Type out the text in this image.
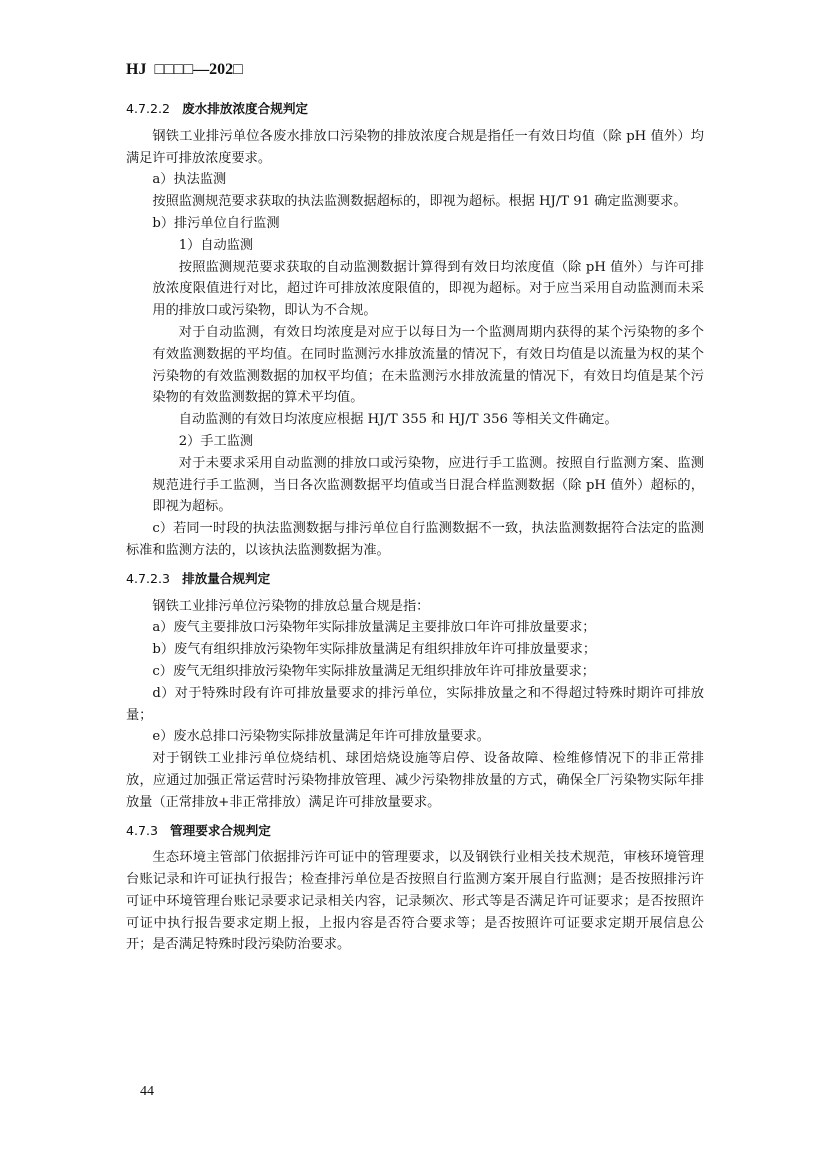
HJ □□□□—202□
4.7.2.2 废水排放浓度合规判定

钢铁工业排污单位各废水排放口污染物的排放浓度合规是指任一有效日均值（除 pH 值外）均满足许可排放浓度要求。

a）执法监测

按照监测规范要求获取的执法监测数据超标的，即视为超标。根据 HJ/T 91 确定监测要求。

b）排污单位自行监测

1）自动监测

按照监测规范要求获取的自动监测数据计算得到有效日均浓度值（除 pH 值外）与许可排放浓度限值进行对比，超过许可排放浓度限值的，即视为超标。对于应当采用自动监测而未采用的排放口或污染物，即认为不合规。

对于自动监测，有效日均浓度是对应于以每日为一个监测周期内获得的某个污染物的多个有效监测数据的平均值。在同时监测污水排放流量的情况下，有效日均值是以流量为权的某个污染物的有效监测数据的加权平均值；在未监测污水排放流量的情况下，有效日均值是某个污染物的有效监测数据的算术平均值。

自动监测的有效日均浓度应根据 HJ/T 355 和 HJ/T 356 等相关文件确定。

2）手工监测

对于未要求采用自动监测的排放口或污染物，应进行手工监测。按照自行监测方案、监测规范进行手工监测，当日各次监测数据平均值或当日混合样监测数据（除 pH 值外）超标的，即视为超标。

c）若同一时段的执法监测数据与排污单位自行监测数据不一致，执法监测数据符合法定的监测标准和监测方法的，以该执法监测数据为准。

4.7.2.3 排放量合规判定

钢铁工业排污单位污染物的排放总量合规是指：

a）废气主要排放口污染物年实际排放量满足主要排放口年许可排放量要求；

b）废气有组织排放污染物年实际排放量满足有组织排放年许可排放量要求；

c）废气无组织排放污染物年实际排放量满足无组织排放年许可排放量要求；

d）对于特殊时段有许可排放量要求的排污单位，实际排放量之和不得超过特殊时期许可排放量；

e）废水总排口污染物实际排放量满足年许可排放量要求。

对于钢铁工业排污单位烧结机、球团焙烧设施等启停、设备故障、检维修情况下的非正常排放，应通过加强正常运营时污染物排放管理、减少污染物排放量的方式，确保全厂污染物实际年排放量（正常排放+非正常排放）满足许可排放量要求。

4.7.3 管理要求合规判定

生态环境主管部门依据排污许可证中的管理要求，以及钢铁行业相关技术规范，审核环境管理台账记录和许可证执行报告；检查排污单位是否按照自行监测方案开展自行监测；是否按照排污许可证中环境管理台账记录要求记录相关内容，记录频次、形式等是否满足许可证要求；是否按照许可证中执行报告要求定期上报，上报内容是否符合要求等；是否按照许可证要求定期开展信息公开；是否满足特殊时段污染防治要求。

44
